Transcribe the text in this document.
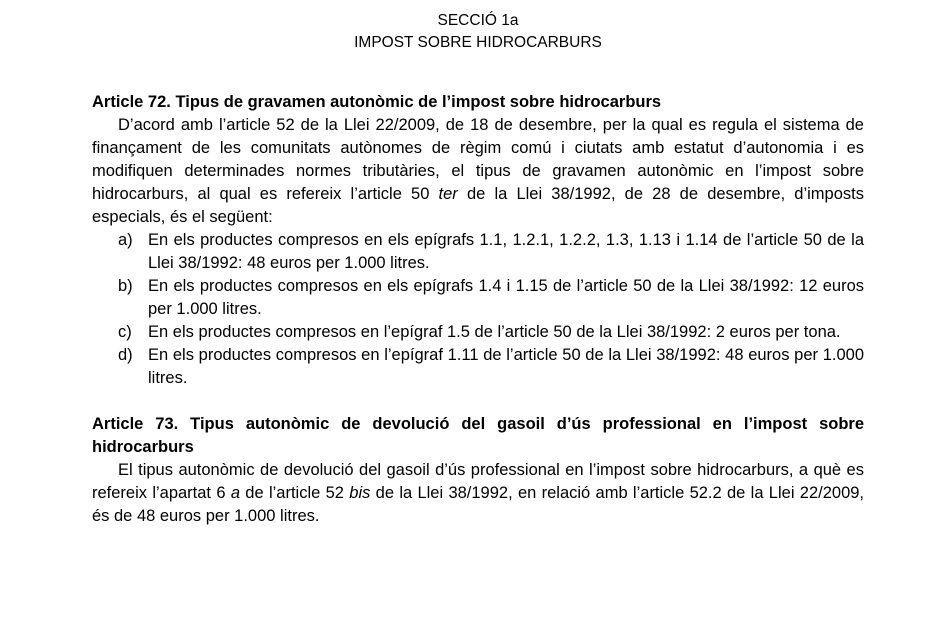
SECCIÓ 1a
IMPOST SOBRE HIDROCARBURS
Article 72. Tipus de gravamen autonòmic de l’impost sobre hidrocarburs

D’acord amb l’article 52 de la Llei 22/2009, de 18 de desembre, per la qual es regula el sistema de finançament de les comunitats autònomes de règim comú i ciutats amb estatut d’autonomia i es modifiquen determinades normes tributàries, el tipus de gravamen autonòmic en l’impost sobre hidrocarburs, al qual es refereix l’article 50 ter de la Llei 38/1992, de 28 de desembre, d’imposts especials, és el següent:

a) En els productes compresos en els epígrafs 1.1, 1.2.1, 1.2.2, 1.3, 1.13 i 1.14 de l’article 50 de la Llei 38/1992: 48 euros per 1.000 litres.
b) En els productes compresos en els epígrafs 1.4 i 1.15 de l’article 50 de la Llei 38/1992: 12 euros per 1.000 litres.
c) En els productes compresos en l’epígraf 1.5 de l’article 50 de la Llei 38/1992: 2 euros per tona.
d) En els productes compresos en l’epígraf 1.11 de l’article 50 de la Llei 38/1992: 48 euros per 1.000 litres.
Article 73. Tipus autonòmic de devolució del gasoil d’ús professional en l’impost sobre hidrocarburs

El tipus autonòmic de devolució del gasoil d’ús professional en l’impost sobre hidrocarburs, a què es refereix l’apartat 6 a de l’article 52 bis de la Llei 38/1992, en relació amb l’article 52.2 de la Llei 22/2009, és de 48 euros per 1.000 litres.
